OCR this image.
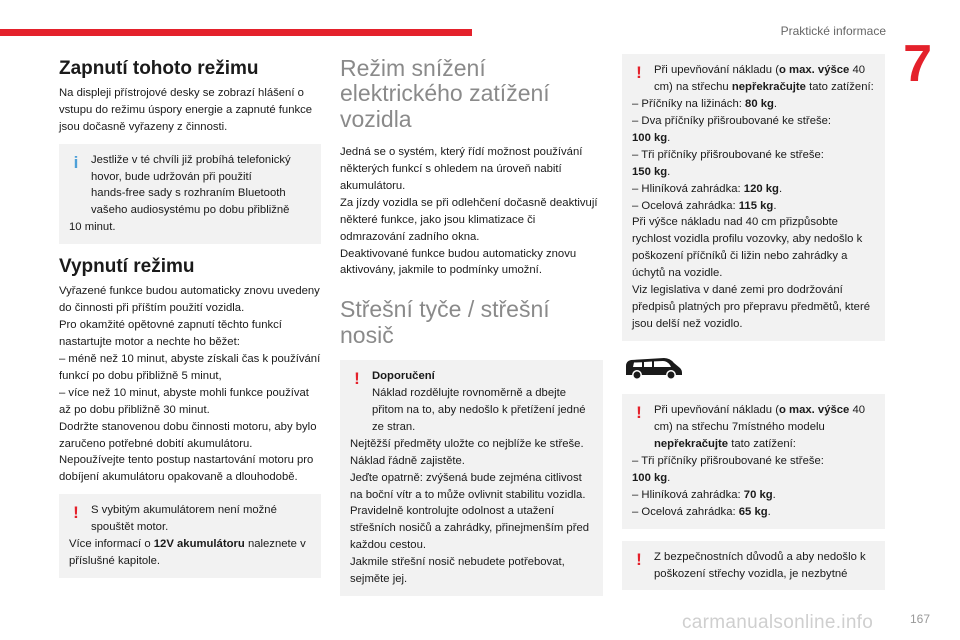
Praktické informace
7
Zapnutí tohoto režimu
Na displeji přístrojové desky se zobrazí hlášení o vstupu do režimu úspory energie a zapnuté funkce jsou dočasně vyřazeny z činnosti.
i	Jestliže v té chvíli již probíhá telefonický hovor, bude udržován při použití

hands-free sady s rozhraním Bluetooth vašeho audiosystému po dobu přibližně

10 minut.

Vypnutí režimu

Vyřazené funkce budou automaticky znovu uvedeny do činnosti při příštím použití vozidla.

Pro okamžité opětovné zapnutí těchto funkcí nastartujte motor a nechte ho běžet:

– méně než 10 minut, abyste získali čas k používání funkcí po dobu přibližně 5 minut,

– více než 10 minut, abyste mohli funkce používat až po dobu přibližně 30 minut.

Dodržte stanovenou dobu činnosti motoru, aby bylo zaručeno potřebné dobití akumulátoru.

Nepoužívejte tento postup nastartování motoru pro dobíjení akumulátoru opakovaně a dlouhodobě.

!	S vybitým akumulátorem není možné spouštět motor.

Více informací o 12V akumulátoru naleznete v příslušné kapitole.

Režim snížení elektrického zatížení vozidla

Jedná se o systém, který řídí možnost používání některých funkcí s ohledem na úroveň nabití akumulátoru.

Za jízdy vozidla se při odlehčení dočasně deaktivují některé funkce, jako jsou klimatizace či odmrazování zadního okna.

Deaktivované funkce budou automaticky znovu aktivovány, jakmile to podmínky umožní.

Střešní tyče / střešní nosič
!	Doporučení

Náklad rozdělujte rovnoměrně a dbejte přitom na to, aby nedošlo k přetížení jedné ze stran.

Nejtěžší předměty uložte co nejblíže ke střeše.

Náklad řádně zajistěte.

Jeďte opatrně: zvýšená bude zejména citlivost na boční vítr a to může ovlivnit stabilitu vozidla.

Pravidelně kontrolujte odolnost a utažení střešních nosičů a zahrádky, přinejmenším před každou cestou.

Jakmile střešní nosič nebudete potřebovat, sejměte jej.

!	Při upevňování nákladu (o max. výšce 40 cm) na střechu nepřekračujte tato zatížení:

– Příčníky na ližinách: 80 kg.

– Dva příčníky přišroubované ke střeše:

100 kg.

– Tři příčníky přišroubované ke střeše:

150 kg.

– Hliníková zahrádka: 120 kg.

– Ocelová zahrádka: 115 kg.

Při výšce nákladu nad 40 cm přizpůsobte rychlost vozidla profilu vozovky, aby nedošlo k poškození příčníků či ližin nebo zahrádky a úchytů na vozidle.

Viz legislativa v dané zemi pro dodržování předpisů platných pro přepravu předmětů, které jsou delší než vozidlo.

!	Při upevňování nákladu (o max. výšce 40 cm) na střechu 7místného modelu nepřekračujte tato zatížení:

– Tři příčníky přišroubované ke střeše:

100 kg.

– Hliníková zahrádka: 70 kg.

– Ocelová zahrádka: 65 kg.

!	Z bezpečnostních důvodů a aby nedošlo k poškození střechy vozidla, je nezbytné

carmanualsonline.info	167
